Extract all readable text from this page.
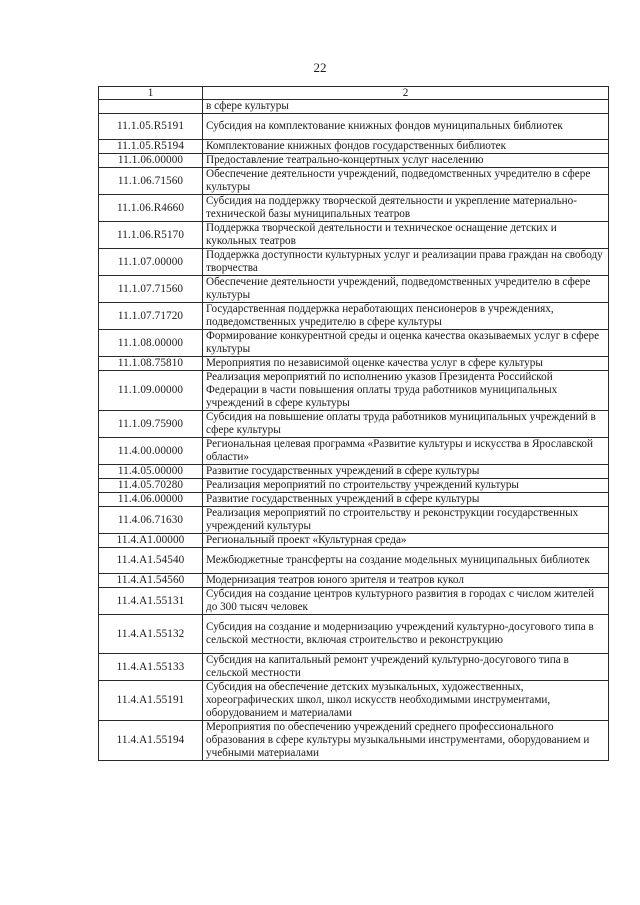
22
1	2
	в сфере культуры
11.1.05.R5191	Субсидия на комплектование книжных фондов муниципальных библиотек
11.1.05.R5194	Комплектование книжных фондов государственных библиотек
11.1.06.00000	Предоставление театрально-концертных услуг населению
11.1.06.71560	Обеспечение деятельности учреждений, подведомственных учредителю в сфере культуры
11.1.06.R4660	Субсидия на поддержку творческой деятельности и укрепление материально-технической базы муниципальных театров
11.1.06.R5170	Поддержка творческой деятельности и техническое оснащение детских и кукольных театров
11.1.07.00000	Поддержка доступности культурных услуг и реализации права граждан на свободу творчества
11.1.07.71560	Обеспечение деятельности учреждений, подведомственных учредителю в сфере культуры
11.1.07.71720	Государственная поддержка неработающих пенсионеров в учреждениях, подведомственных учредителю в сфере культуры
11.1.08.00000	Формирование конкурентной среды и оценка качества оказываемых услуг в сфере культуры
11.1.08.75810	Мероприятия по независимой оценке качества услуг в сфере культуры
11.1.09.00000	Реализация мероприятий по исполнению указов Президента Российской Федерации в части повышения оплаты труда работников муниципальных учреждений в сфере культуры
11.1.09.75900	Субсидия на повышение оплаты труда работников муниципальных учреждений в сфере культуры
11.4.00.00000	Региональная целевая программа «Развитие культуры и искусства в Ярославской области»
11.4.05.00000	Развитие государственных учреждений в сфере культуры
11.4.05.70280	Реализация мероприятий по строительству учреждений культуры
11.4.06.00000	Развитие государственных учреждений в сфере культуры
11.4.06.71630	Реализация мероприятий по строительству и реконструкции государственных учреждений культуры
11.4.A1.00000	Региональный проект «Культурная среда»
11.4.A1.54540	Межбюджетные трансферты на создание модельных муниципальных библиотек
11.4.A1.54560	Модернизация театров юного зрителя и театров кукол
11.4.A1.55131	Субсидия на создание центров культурного развития в городах с числом жителей до 300 тысяч человек
11.4.A1.55132	Субсидия на создание и модернизацию учреждений культурно-досугового типа в сельской местности, включая строительство и реконструкцию
11.4.A1.55133	Субсидия на капитальный ремонт учреждений культурно-досугового типа в сельской местности
11.4.A1.55191	Субсидия на обеспечение детских музыкальных, художественных, хореографических школ, школ искусств необходимыми инструментами, оборудованием и материалами
11.4.A1.55194	Мероприятия по обеспечению учреждений среднего профессионального образования в сфере культуры музыкальными инструментами, оборудованием и учебными материалами
